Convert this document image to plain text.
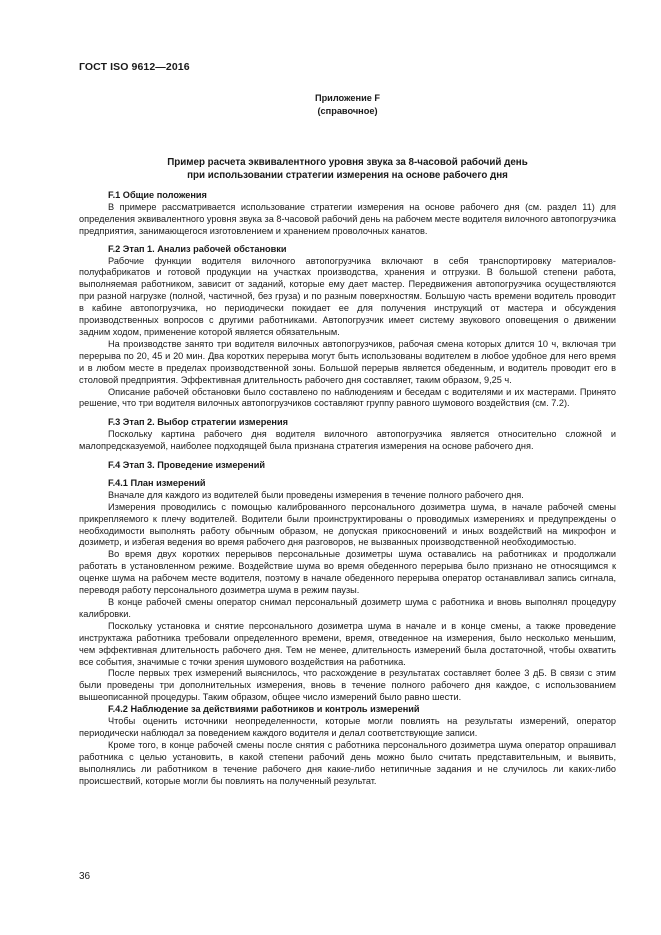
ГОСТ ISO 9612—2016
Приложение F
(справочное)
Пример расчета эквивалентного уровня звука за 8-часовой рабочий день
при использовании стратегии измерения на основе рабочего дня
F.1 Общие положения

В примере рассматривается использование стратегии измерения на основе рабочего дня (см. раздел 11) для определения эквивалентного уровня звука за 8-часовой рабочий день на рабочем месте водителя вилочного автопогрузчика предприятия, занимающегося изготовлением и хранением проволочных канатов.

F.2 Этап 1. Анализ рабочей обстановки

Рабочие функции водителя вилочного автопогрузчика включают в себя транспортировку материалов-полуфабрикатов и готовой продукции на участках производства, хранения и отгрузки. В большой степени работа, выполняемая работником, зависит от заданий, которые ему дает мастер. Передвижения автопогрузчика осуществляются при разной нагрузке (полной, частичной, без груза) и по разным поверхностям. Большую часть времени водитель проводит в кабине автопогрузчика, но периодически покидает ее для получения инструкций от мастера и обсуждения производственных вопросов с другими работниками. Автопогрузчик имеет систему звукового оповещения о движении задним ходом, применение которой является обязательным.

На производстве занято три водителя вилочных автопогрузчиков, рабочая смена которых длится 10 ч, включая три перерыва по 20, 45 и 20 мин. Два коротких перерыва могут быть использованы водителем в любое удобное для него время и в любом месте в пределах производственной зоны. Большой перерыв является обеденным, и водитель проводит его в столовой предприятия. Эффективная длительность рабочего дня составляет, таким образом, 9,25 ч.

Описание рабочей обстановки было составлено по наблюдениям и беседам с водителями и их мастерами. Принято решение, что три водителя вилочных автопогрузчиков составляют группу равного шумового воздействия (см. 7.2).

F.3 Этап 2. Выбор стратегии измерения

Поскольку картина рабочего дня водителя вилочного автопогрузчика является относительно сложной и малопредсказуемой, наиболее подходящей была признана стратегия измерения на основе рабочего дня.

F.4 Этап 3. Проведение измерений
F.4.1 План измерений

Вначале для каждого из водителей были проведены измерения в течение полного рабочего дня.

Измерения проводились с помощью калиброванного персонального дозиметра шума, в начале рабочей смены прикрепляемого к плечу водителей. Водители были проинструктированы о проводимых измерениях и предупреждены о необходимости выполнять работу обычным образом, не допуская прикосновений и иных воздействий на микрофон и дозиметр, и избегая ведения во время рабочего дня разговоров, не вызванных производственной необходимостью.

Во время двух коротких перерывов персональные дозиметры шума оставались на работниках и продолжали работать в установленном режиме. Воздействие шума во время обеденного перерыва было признано не относящимся к оценке шума на рабочем месте водителя, поэтому в начале обеденного перерыва оператор останавливал запись сигнала, переводя работу персонального дозиметра шума в режим паузы.

В конце рабочей смены оператор снимал персональный дозиметр шума с работника и вновь выполнял процедуру калибровки.

Поскольку установка и снятие персонального дозиметра шума в начале и в конце смены, а также проведение инструктажа работника требовали определенного времени, время, отведенное на измерения, было несколько меньшим, чем эффективная длительность рабочего дня. Тем не менее, длительность измерений была достаточной, чтобы охватить все события, значимые с точки зрения шумового воздействия на работника.

После первых трех измерений выяснилось, что расхождение в результатах составляет более 3 дБ. В связи с этим были проведены три дополнительных измерения, вновь в течение полного рабочего дня каждое, с использованием вышеописанной процедуры. Таким образом, общее число измерений было равно шести.

F.4.2 Наблюдение за действиями работников и контроль измерений

Чтобы оценить источники неопределенности, которые могли повлиять на результаты измерений, оператор периодически наблюдал за поведением каждого водителя и делал соответствующие записи.

Кроме того, в конце рабочей смены после снятия с работника персонального дозиметра шума оператор опрашивал работника с целью установить, в какой степени рабочий день можно было считать представительным, и выявить, выполнялись ли работником в течение рабочего дня какие-либо нетипичные задания и не случилось ли каких-либо происшествий, которые могли бы повлиять на полученный результат.

36
